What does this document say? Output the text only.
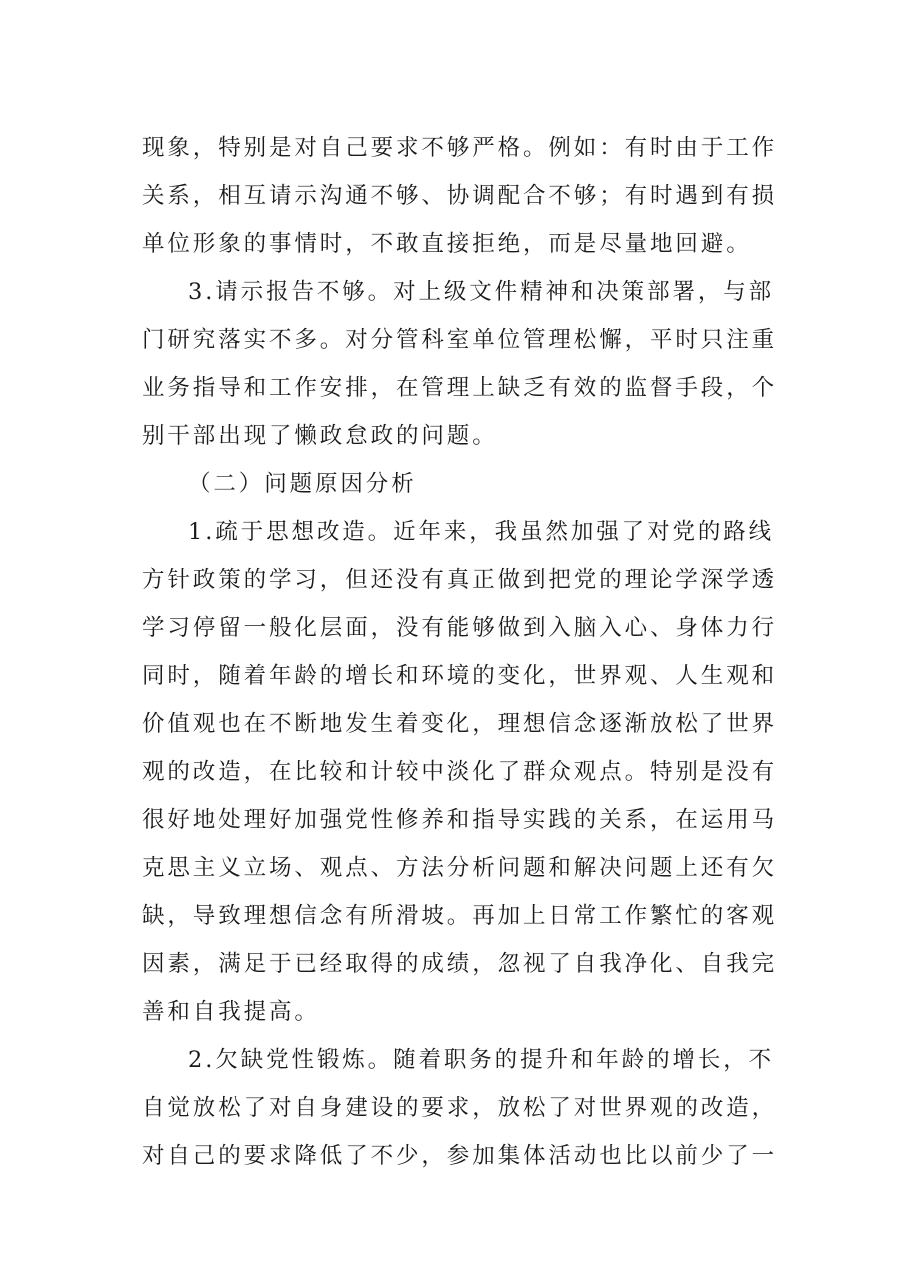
现象，特别是对自己要求不够严格。例如：有时由于工作
关系，相互请示沟通不够、协调配合不够；有时遇到有损
单位形象的事情时，不敢直接拒绝，而是尽量地回避。
3.请示报告不够。对上级文件精神和决策部署，与部
门研究落实不多。对分管科室单位管理松懈，平时只注重
业务指导和工作安排，在管理上缺乏有效的监督手段，个
别干部出现了懒政怠政的问题。
（二）问题原因分析
1.疏于思想改造。近年来，我虽然加强了对党的路线
方针政策的学习，但还没有真正做到把党的理论学深学透
学习停留一般化层面，没有能够做到入脑入心、身体力行
同时，随着年龄的增长和环境的变化，世界观、人生观和
价值观也在不断地发生着变化，理想信念逐渐放松了世界
观的改造，在比较和计较中淡化了群众观点。特别是没有
很好地处理好加强党性修养和指导实践的关系，在运用马
克思主义立场、观点、方法分析问题和解决问题上还有欠
缺，导致理想信念有所滑坡。再加上日常工作繁忙的客观
因素，满足于已经取得的成绩，忽视了自我净化、自我完
善和自我提高。
2.欠缺党性锻炼。随着职务的提升和年龄的增长，不
自觉放松了对自身建设的要求，放松了对世界观的改造，
对自己的要求降低了不少，参加集体活动也比以前少了一
